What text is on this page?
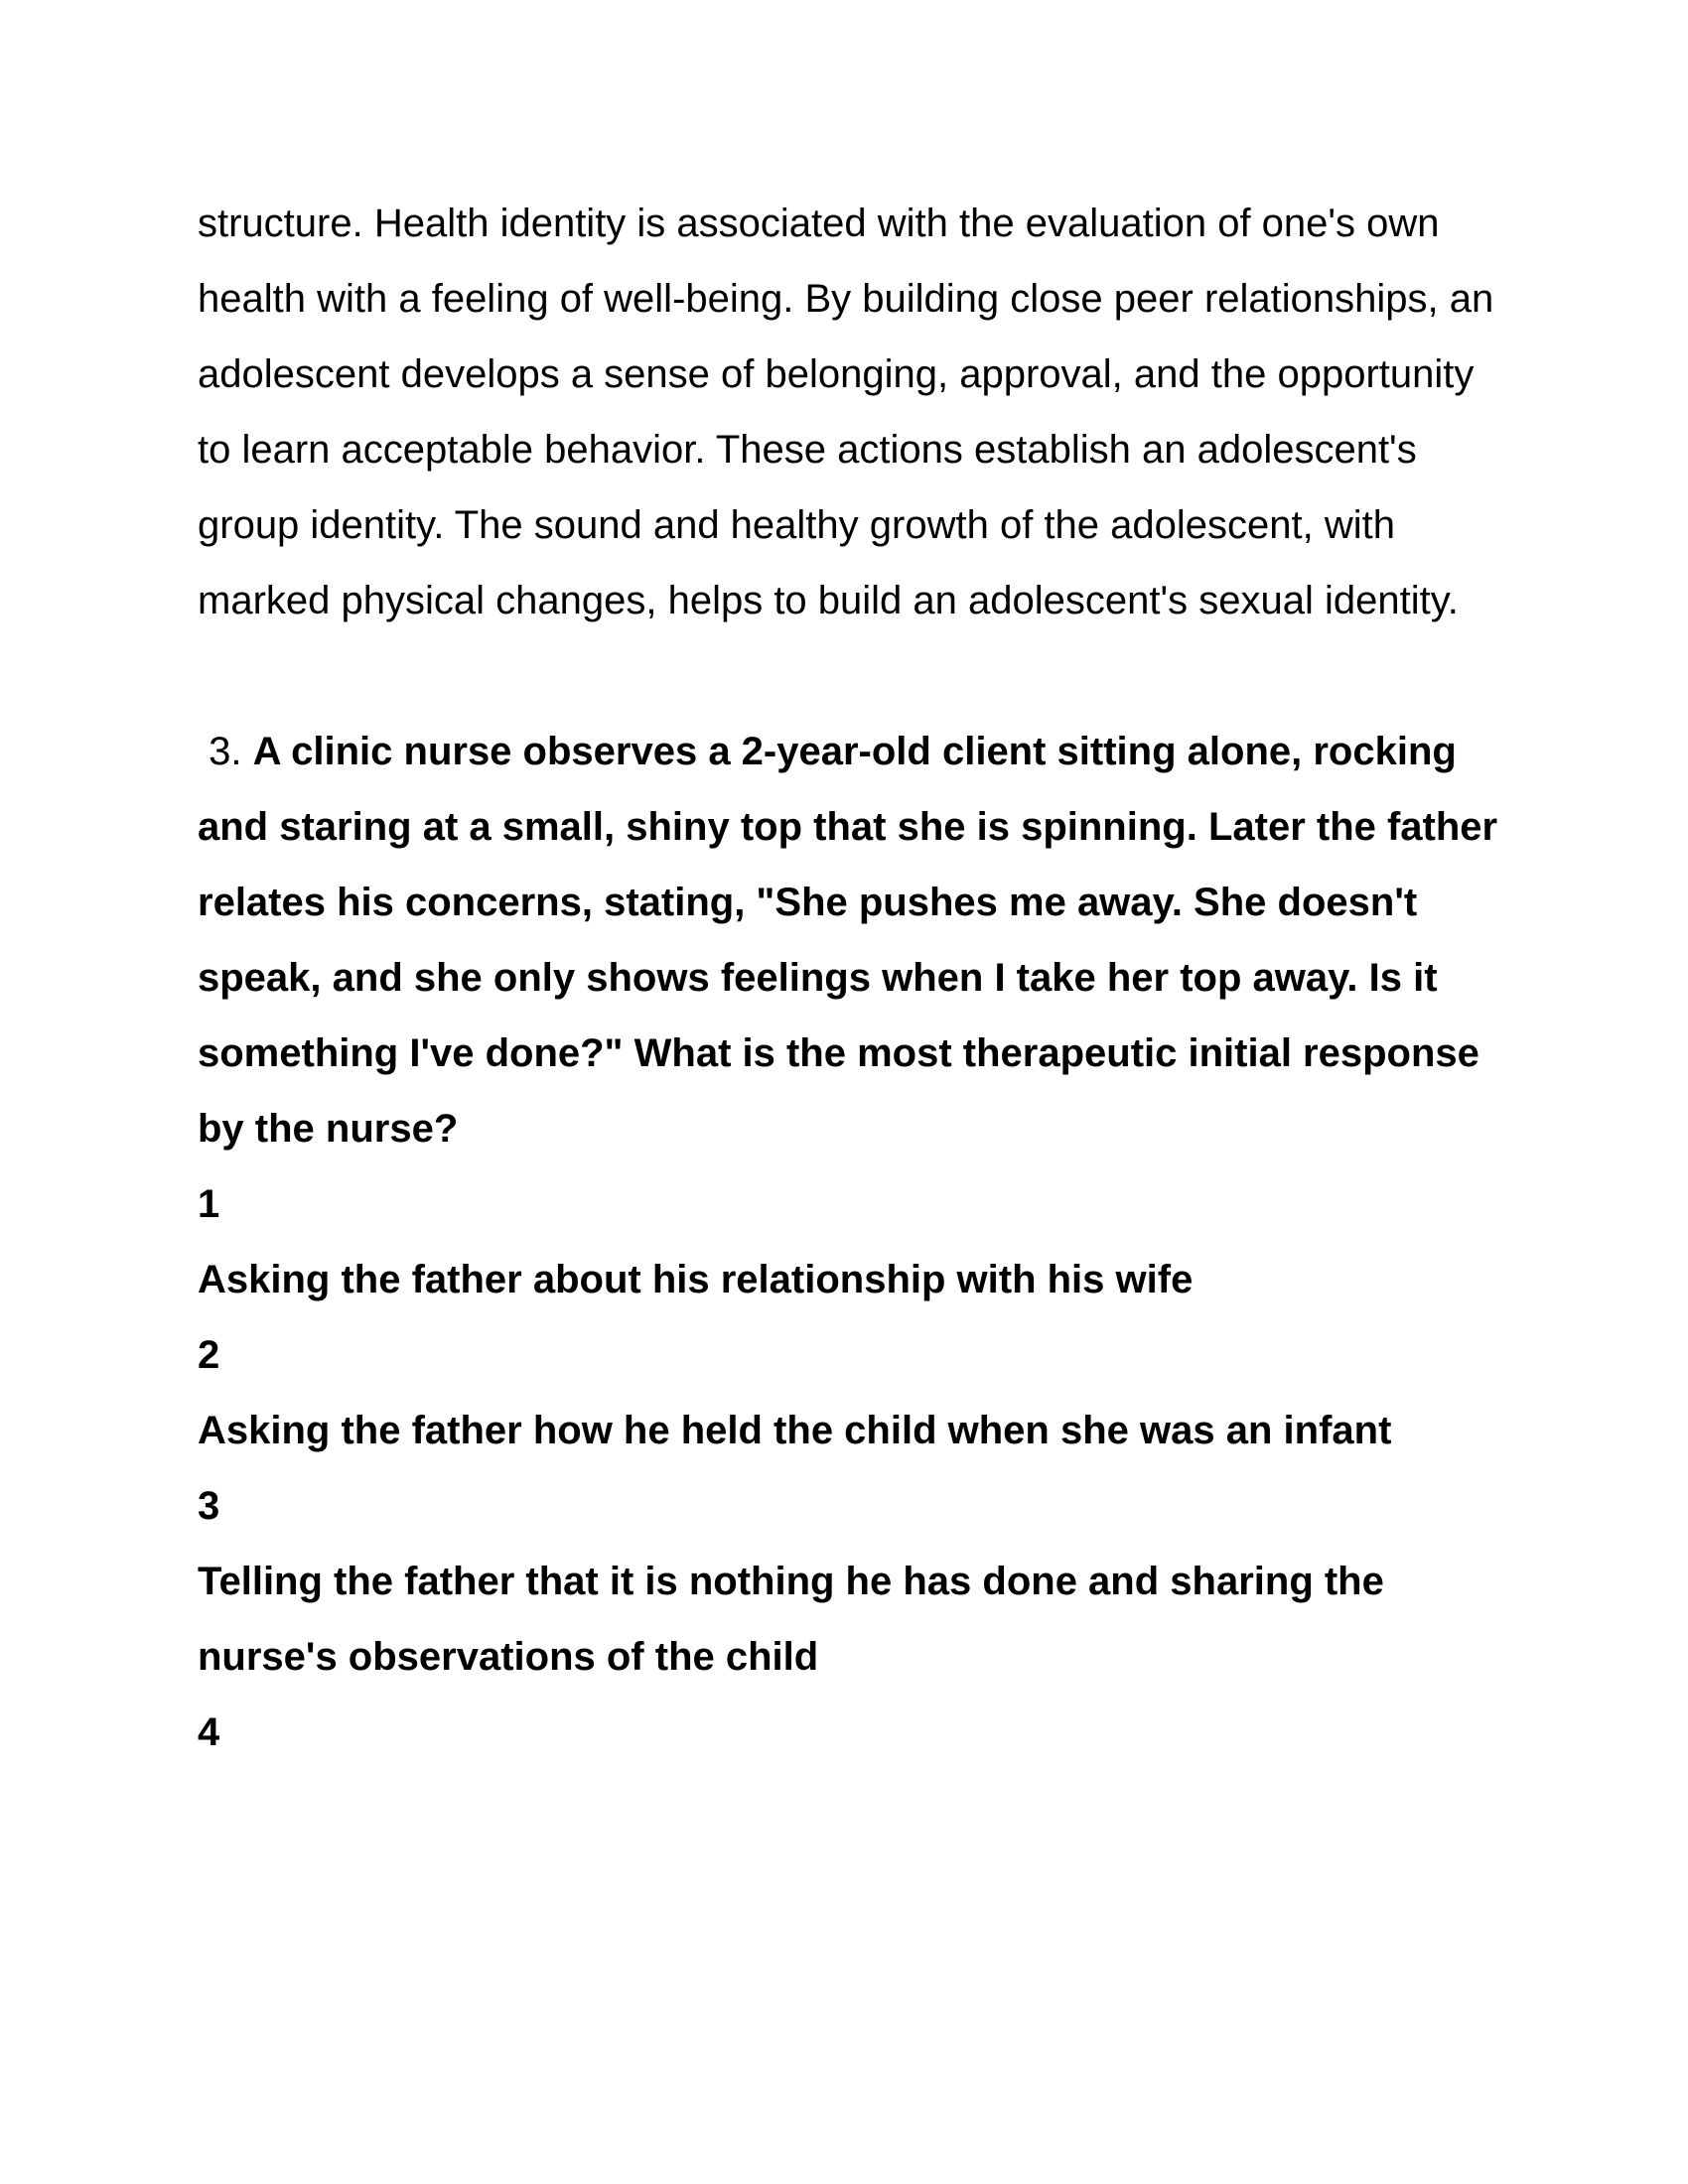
structure. Health identity is associated with the evaluation of one's own health with a feeling of well-being. By building close peer relationships, an adolescent develops a sense of belonging, approval, and the opportunity to learn acceptable behavior. These actions establish an adolescent's group identity. The sound and healthy growth of the adolescent, with marked physical changes, helps to build an adolescent's sexual identity.

3. A clinic nurse observes a 2-year-old client sitting alone, rocking and staring at a small, shiny top that she is spinning. Later the father relates his concerns, stating, "She pushes me away. She doesn't speak, and she only shows feelings when I take her top away. Is it something I've done?" What is the most therapeutic initial response by the nurse?

1

Asking the father about his relationship with his wife

2

Asking the father how he held the child when she was an infant

3

Telling the father that it is nothing he has done and sharing the nurse's observations of the child

4
